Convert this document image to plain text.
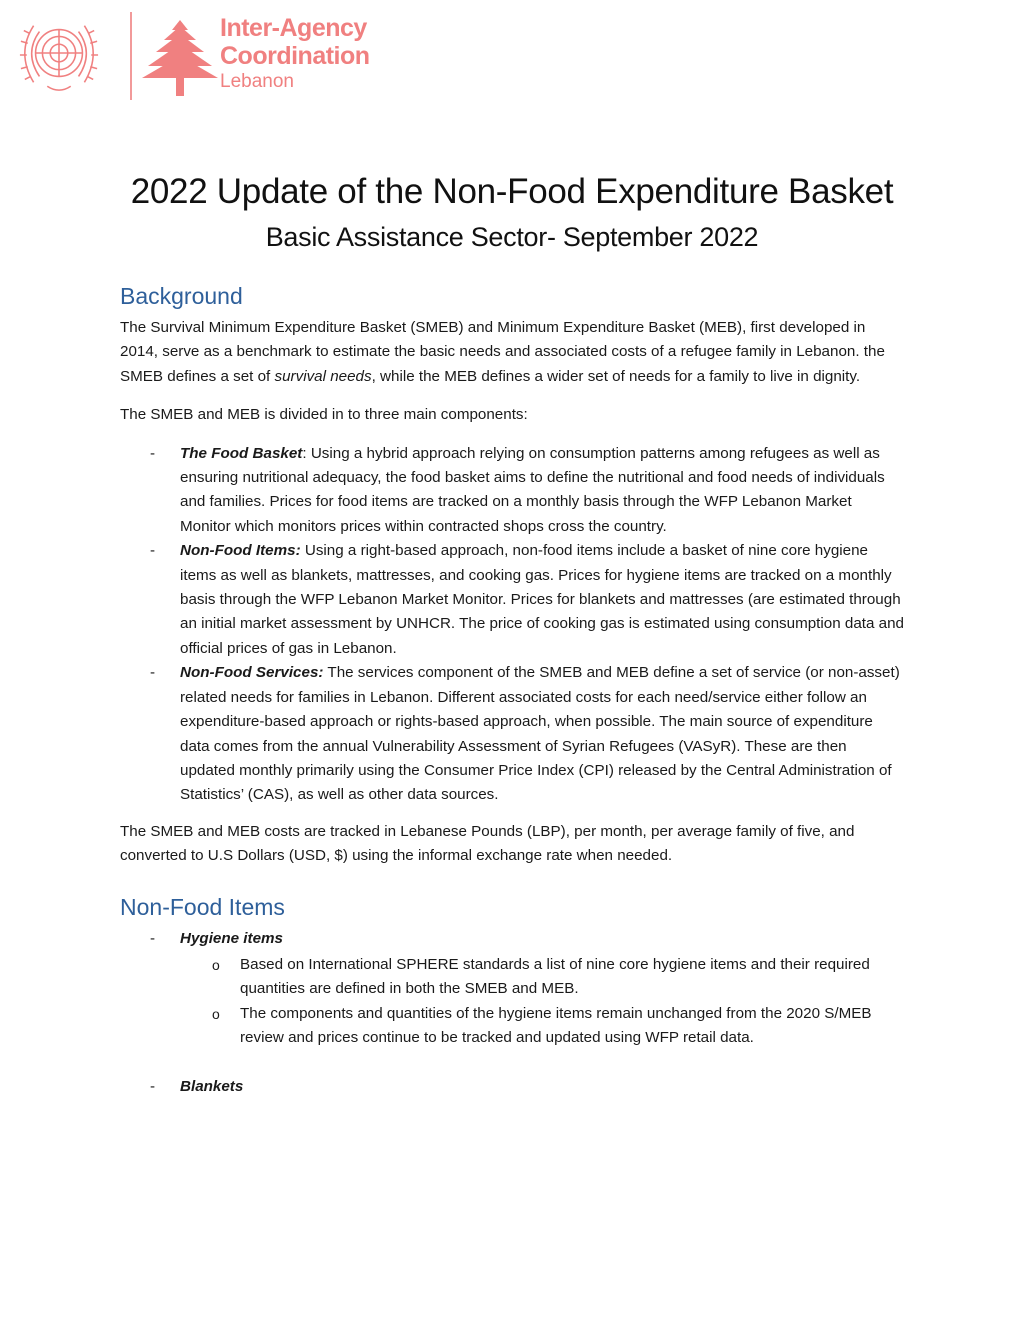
Inter-Agency
Coordination
Lebanon
2022 Update of the Non-Food Expenditure Basket
Basic Assistance Sector- September 2022
Background

The Survival Minimum Expenditure Basket (SMEB) and Minimum Expenditure Basket (MEB), first developed in 2014, serve as a benchmark to estimate the basic needs and associated costs of a refugee family in Lebanon. the SMEB defines a set of survival needs, while the MEB defines a wider set of needs for a family to live in dignity.

The SMEB and MEB is divided in to three main components:

- The Food Basket: Using a hybrid approach relying on consumption patterns among refugees as well as ensuring nutritional adequacy, the food basket aims to define the nutritional and food needs of individuals and families. Prices for food items are tracked on a monthly basis through the WFP Lebanon Market Monitor which monitors prices within contracted shops cross the country.
- Non-Food Items: Using a right-based approach, non-food items include a basket of nine core hygiene items as well as blankets, mattresses, and cooking gas. Prices for hygiene items are tracked on a monthly basis through the WFP Lebanon Market Monitor. Prices for blankets and mattresses (are estimated through an initial market assessment by UNHCR. The price of cooking gas is estimated using consumption data and official prices of gas in Lebanon.
- Non-Food Services: The services component of the SMEB and MEB define a set of service (or non-asset) related needs for families in Lebanon. Different associated costs for each need/service either follow an expenditure-based approach or rights-based approach, when possible. The main source of expenditure data comes from the annual Vulnerability Assessment of Syrian Refugees (VASyR). These are then updated monthly primarily using the Consumer Price Index (CPI) released by the Central Administration of Statistics’ (CAS), as well as other data sources.

The SMEB and MEB costs are tracked in Lebanese Pounds (LBP), per month, per average family of five, and converted to U.S Dollars (USD, $) using the informal exchange rate when needed.

Non-Food Items
- Hygiene items
o Based on International SPHERE standards a list of nine core hygiene items and their required quantities are defined in both the SMEB and MEB.
o The components and quantities of the hygiene items remain unchanged from the 2020 S/MEB review and prices continue to be tracked and updated using WFP retail data.
- Blankets
